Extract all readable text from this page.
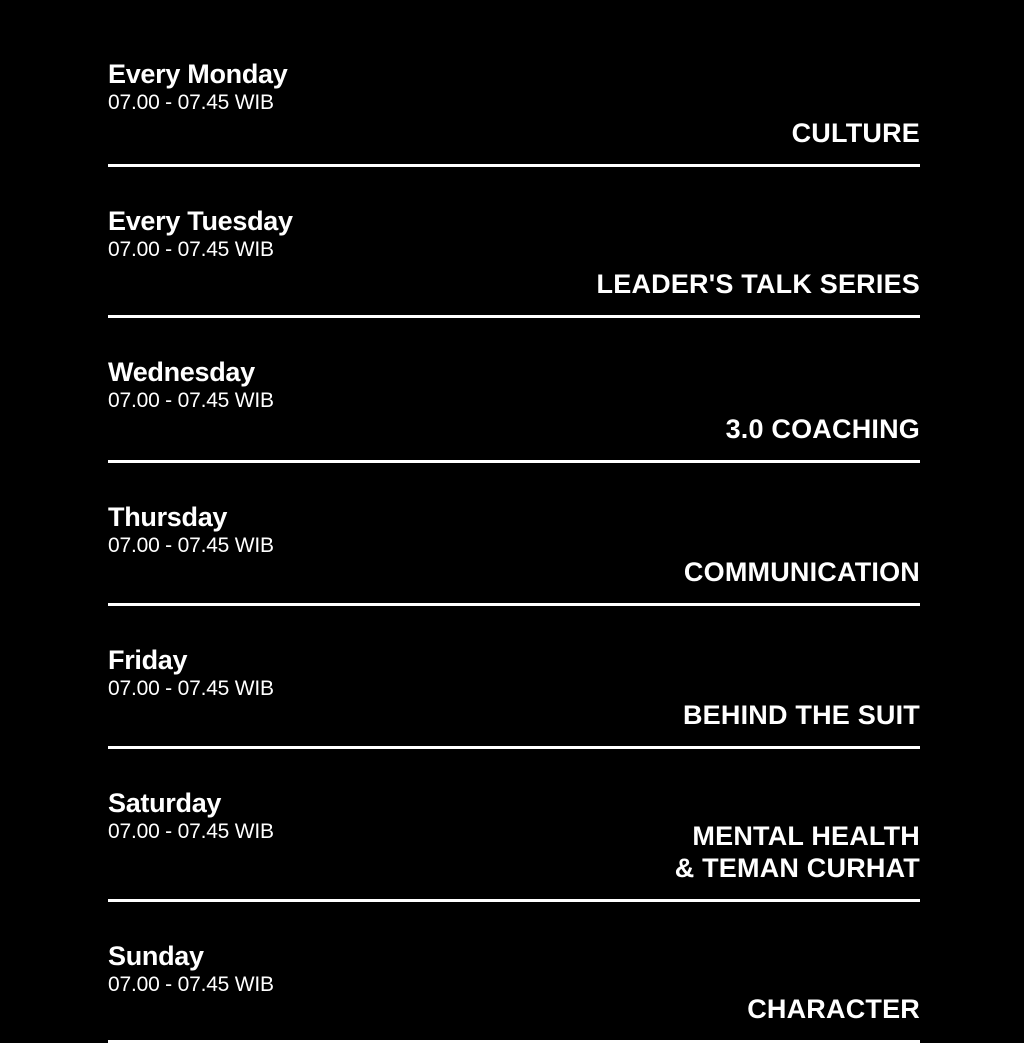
Every Monday
07.00 - 07.45 WIB
CULTURE
Every Tuesday
07.00 - 07.45 WIB
LEADER'S TALK SERIES
Wednesday
07.00 - 07.45 WIB
3.0 COACHING
Thursday
07.00 - 07.45 WIB
COMMUNICATION
Friday
07.00 - 07.45 WIB
BEHIND THE SUIT
Saturday
07.00 - 07.45 WIB	MENTAL HEALTH
& TEMAN CURHAT
Sunday
07.00 - 07.45 WIB
CHARACTER
